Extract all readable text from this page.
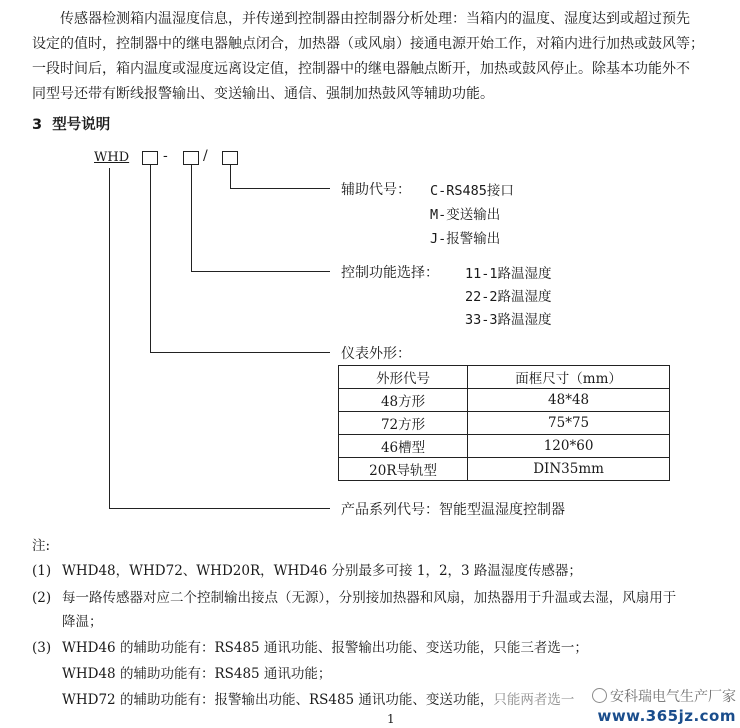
传感器检测箱内温湿度信息，并传递到控制器由控制器分析处理：当箱内的温度、湿度达到或超过预先
设定的值时，控制器中的继电器触点闭合，加热器（或风扇）接通电源开始工作，对箱内进行加热或鼓风等；
一段时间后，箱内温度或湿度远离设定值，控制器中的继电器触点断开，加热或鼓风停止。除基本功能外不
同型号还带有断线报警输出、变送输出、通信、强制加热鼓风等辅助功能。
3 型号说明
WHD -	/
辅助代号： C-RS485接口
M-变送输出
J-报警输出
控制功能选择： 11-1路温湿度
22-2路温湿度
33-3路温湿度
仪表外形：
外形代号	面框尺寸（mm）
48方形	48*48
72方形	75*75
46槽型	120*60
20R导轨型	DIN35mm
产品系列代号：智能型温湿度控制器
注:
(1) WHD48，WHD72、WHD20R，WHD46 分别最多可接 1，2，3 路温湿度传感器；
(2) 每一路传感器对应二个控制输出接点（无源），分别接加热器和风扇，加热器用于升温或去湿，风扇用于
降温；
(3) WHD46 的辅助功能有：RS485 通讯功能、报警输出功能、变送功能，只能三者选一；
WHD48 的辅助功能有：RS485 通讯功能；
WHD72 的辅助功能有：报警输出功能、RS485 通讯功能、变送功能，只能两者选一
1
安科瑞电气生产厂家
www.365jz.com
